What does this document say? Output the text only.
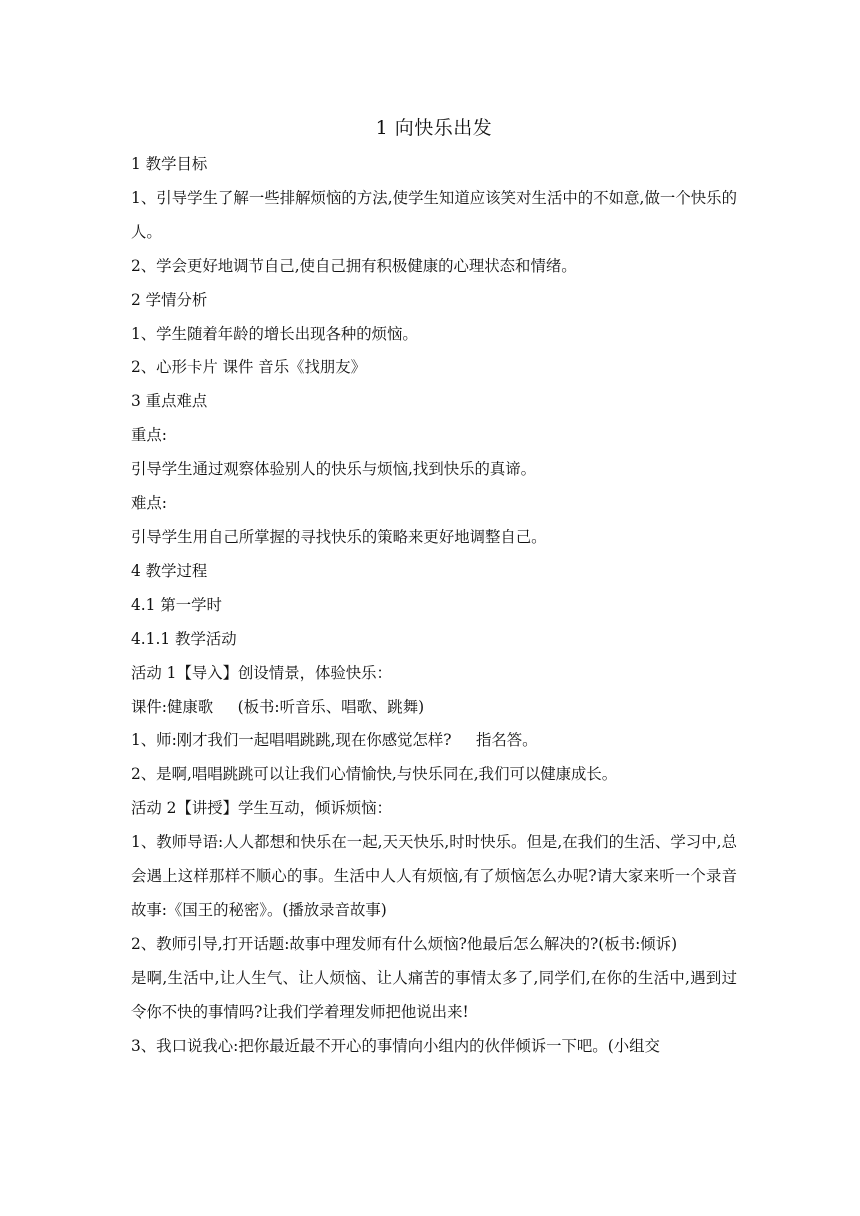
1 向快乐出发

1 教学目标

1、引导学生了解一些排解烦恼的方法,使学生知道应该笑对生活中的不如意,做一个快乐的人。

2、学会更好地调节自己,使自己拥有积极健康的心理状态和情绪。

2 学情分析

1、学生随着年龄的增长出现各种的烦恼。

2、心形卡片 课件 音乐《找朋友》

3 重点难点

重点:

引导学生通过观察体验别人的快乐与烦恼,找到快乐的真谛。

难点:

引导学生用自己所掌握的寻找快乐的策略来更好地调整自己。

4 教学过程

4.1 第一学时

4.1.1 教学活动

活动 1【导入】创设情景，体验快乐：

课件:健康歌     (板书:听音乐、唱歌、跳舞)

1、师:刚才我们一起唱唱跳跳,现在你感觉怎样?     指名答。

2、是啊,唱唱跳跳可以让我们心情愉快,与快乐同在,我们可以健康成长。

活动 2【讲授】学生互动，倾诉烦恼：

1、教师导语:人人都想和快乐在一起,天天快乐,时时快乐。但是,在我们的生活、学习中,总会遇上这样那样不顺心的事。生活中人人有烦恼,有了烦恼怎么办呢?请大家来听一个录音故事:《国王的秘密》。(播放录音故事)

2、教师引导,打开话题:故事中理发师有什么烦恼?他最后怎么解决的?(板书:倾诉)

是啊,生活中,让人生气、让人烦恼、让人痛苦的事情太多了,同学们,在你的生活中,遇到过令你不快的事情吗?让我们学着理发师把他说出来!

3、我口说我心:把你最近最不开心的事情向小组内的伙伴倾诉一下吧。(小组交
